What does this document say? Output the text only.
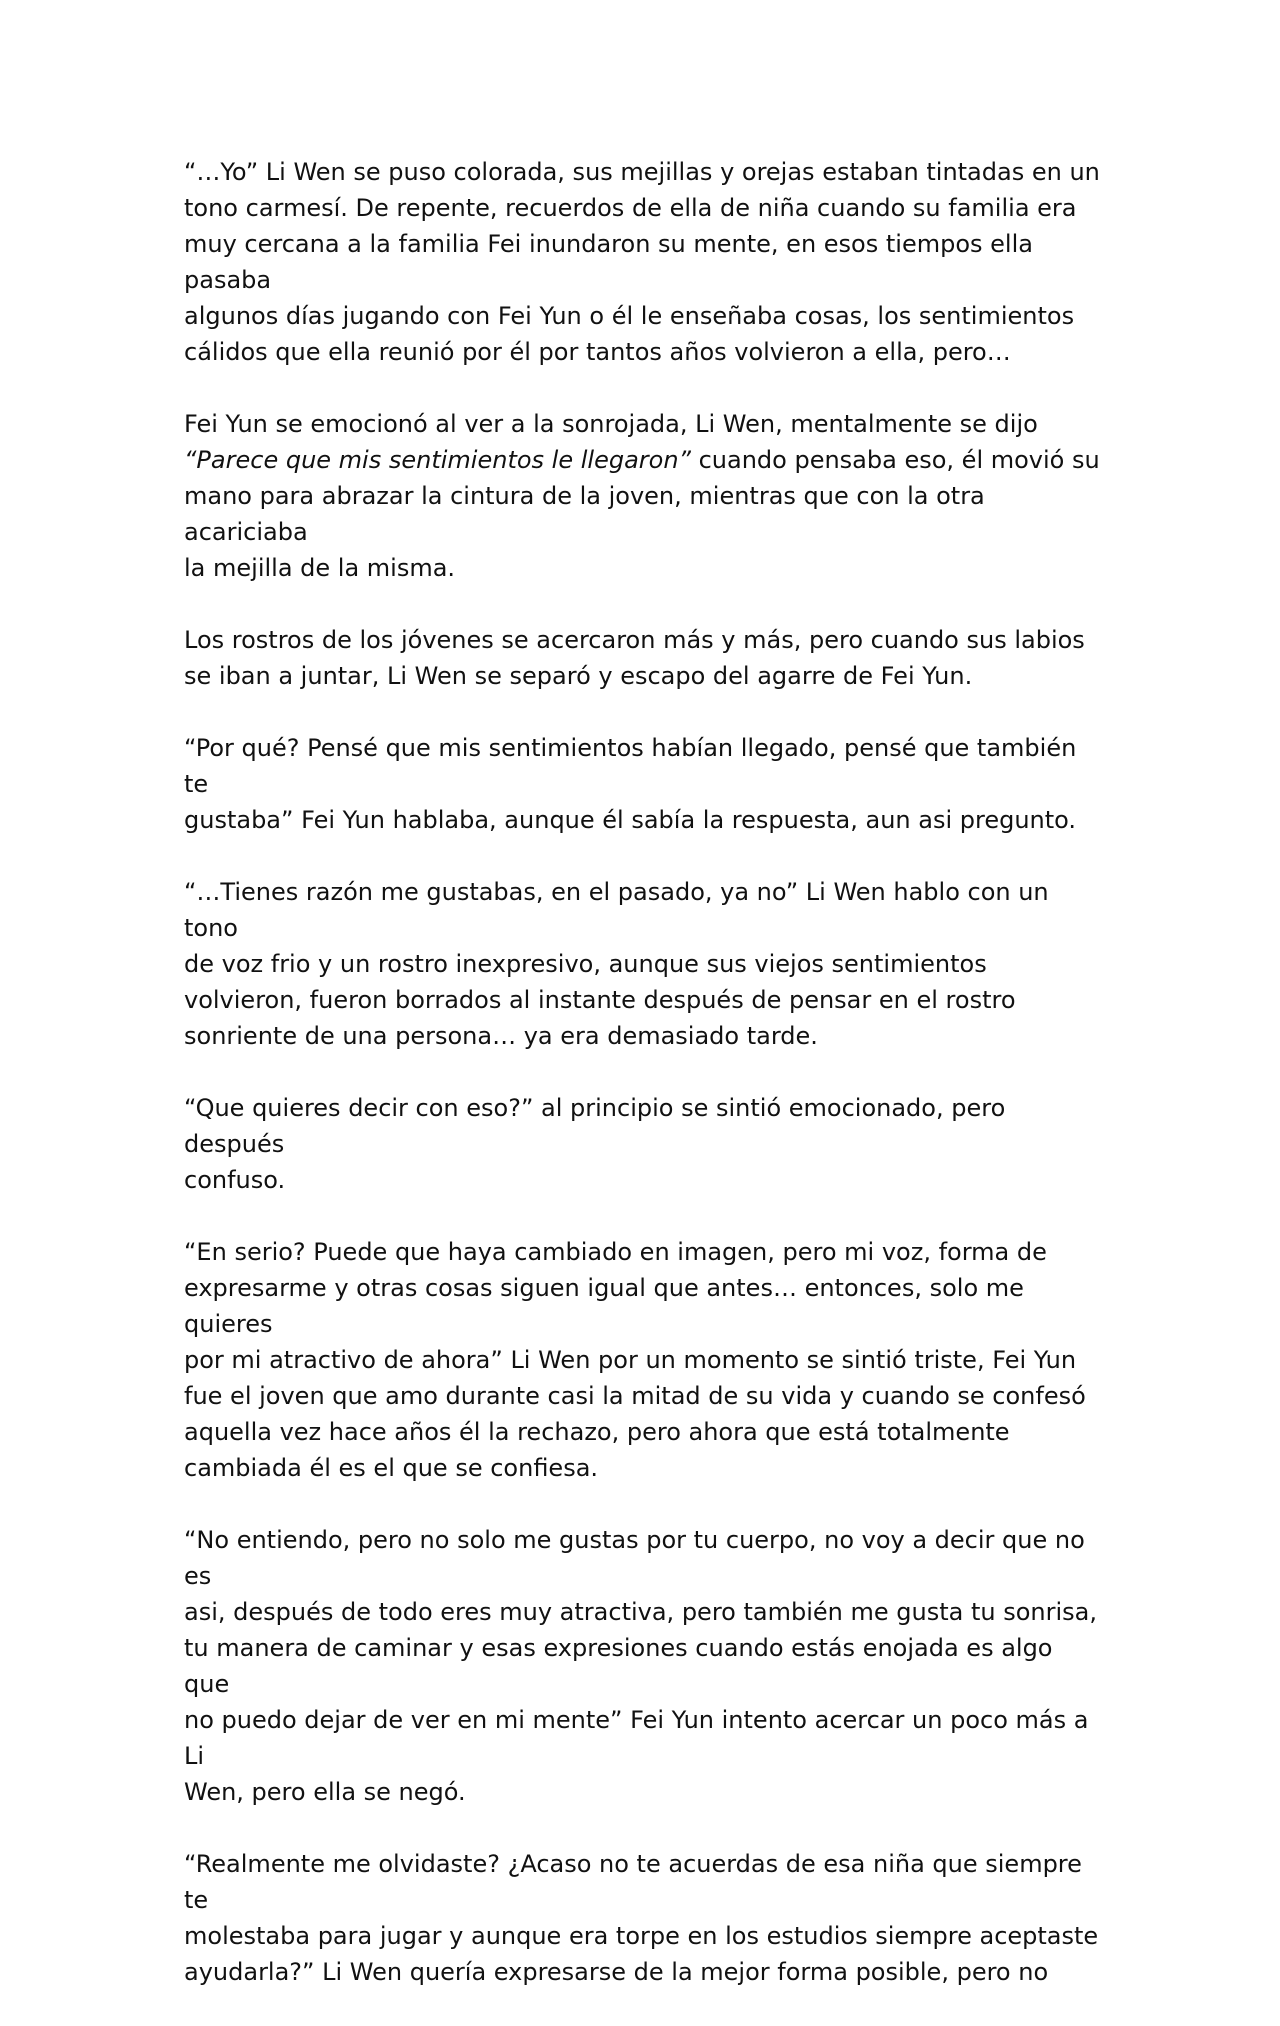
“…Yo” Li Wen se puso colorada, sus mejillas y orejas estaban tintadas en un
tono carmesí. De repente, recuerdos de ella de niña cuando su familia era
muy cercana a la familia Fei inundaron su mente, en esos tiempos ella pasaba
algunos días jugando con Fei Yun o él le enseñaba cosas, los sentimientos
cálidos que ella reunió por él por tantos años volvieron a ella, pero…

Fei Yun se emocionó al ver a la sonrojada, Li Wen, mentalmente se dijo
“Parece que mis sentimientos le llegaron” cuando pensaba eso, él movió su
mano para abrazar la cintura de la joven, mientras que con la otra acariciaba
la mejilla de la misma.

Los rostros de los jóvenes se acercaron más y más, pero cuando sus labios
se iban a juntar, Li Wen se separó y escapo del agarre de Fei Yun.

“Por qué? Pensé que mis sentimientos habían llegado, pensé que también te
gustaba” Fei Yun hablaba, aunque él sabía la respuesta, aun asi pregunto.

“…Tienes razón me gustabas, en el pasado, ya no” Li Wen hablo con un tono
de voz frio y un rostro inexpresivo, aunque sus viejos sentimientos
volvieron, fueron borrados al instante después de pensar en el rostro
sonriente de una persona… ya era demasiado tarde.

“Que quieres decir con eso?” al principio se sintió emocionado, pero después
confuso.

“En serio? Puede que haya cambiado en imagen, pero mi voz, forma de
expresarme y otras cosas siguen igual que antes… entonces, solo me quieres
por mi atractivo de ahora” Li Wen por un momento se sintió triste, Fei Yun
fue el joven que amo durante casi la mitad de su vida y cuando se confesó
aquella vez hace años él la rechazo, pero ahora que está totalmente
cambiada él es el que se confiesa.

“No entiendo, pero no solo me gustas por tu cuerpo, no voy a decir que no es
asi, después de todo eres muy atractiva, pero también me gusta tu sonrisa,
tu manera de caminar y esas expresiones cuando estás enojada es algo que
no puedo dejar de ver en mi mente” Fei Yun intento acercar un poco más a Li
Wen, pero ella se negó.

“Realmente me olvidaste? ¿Acaso no te acuerdas de esa niña que siempre te
molestaba para jugar y aunque era torpe en los estudios siempre aceptaste
ayudarla?” Li Wen quería expresarse de la mejor forma posible, pero no
